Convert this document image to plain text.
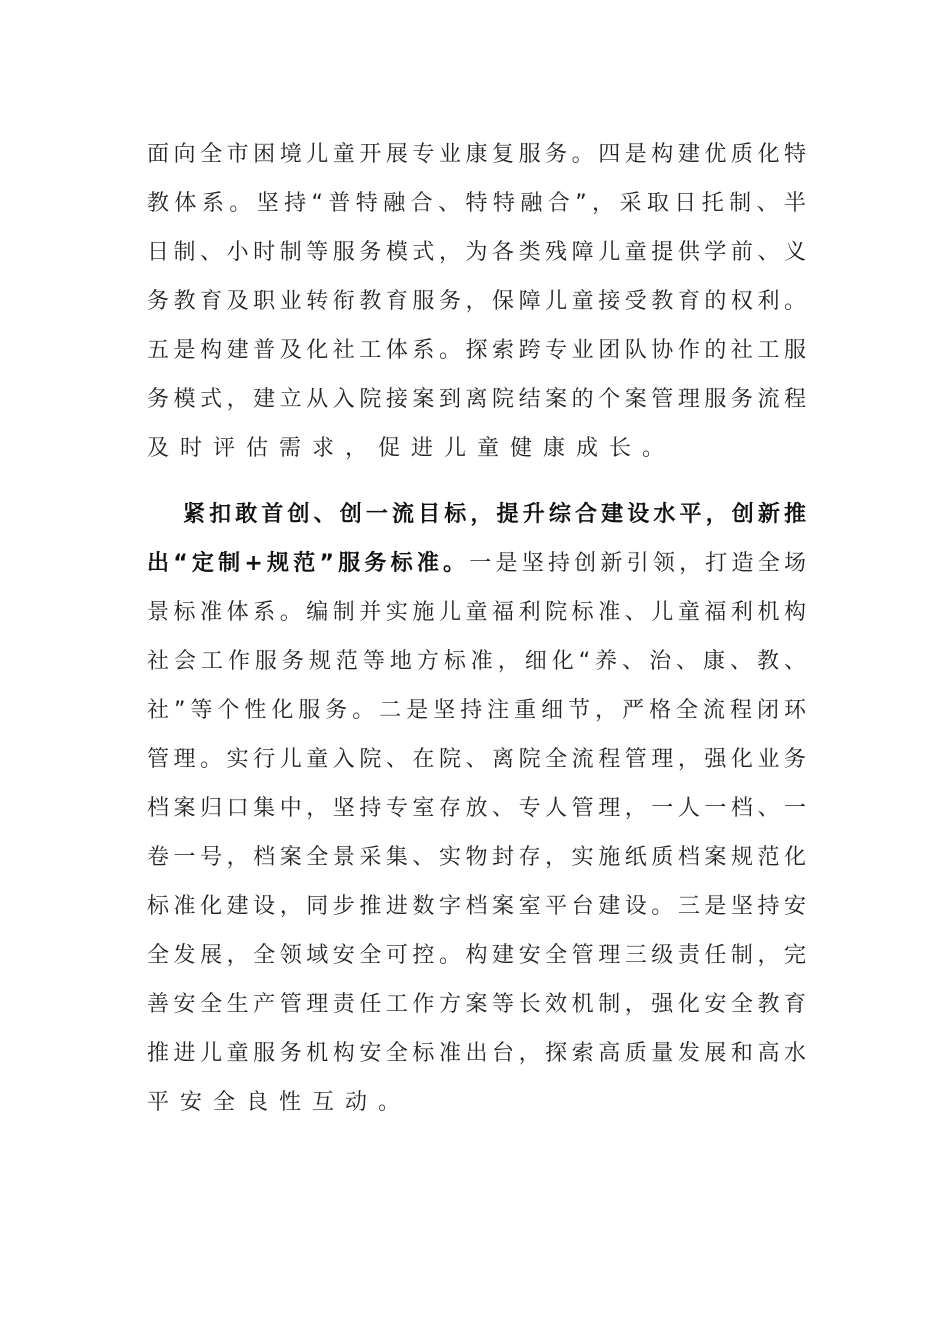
面向全市困境儿童开展专业康复服务。四是构建优质化特
教体系。坚持“普特融合、特特融合”，采取日托制、半
日制、小时制等服务模式，为各类残障儿童提供学前、义
务教育及职业转衔教育服务，保障儿童接受教育的权利。
五是构建普及化社工体系。探索跨专业团队协作的社工服
务模式，建立从入院接案到离院结案的个案管理服务流程
及时评估需求，促进儿童健康成长。
紧扣敢首创、创一流目标，提升综合建设水平，创新推
出“定制+规范”服务标准。一是坚持创新引领，打造全场
景标准体系。编制并实施儿童福利院标准、儿童福利机构
社会工作服务规范等地方标准，细化“养、治、康、教、
社”等个性化服务。二是坚持注重细节，严格全流程闭环
管理。实行儿童入院、在院、离院全流程管理，强化业务
档案归口集中，坚持专室存放、专人管理，一人一档、一
卷一号，档案全景采集、实物封存，实施纸质档案规范化
标准化建设，同步推进数字档案室平台建设。三是坚持安
全发展，全领域安全可控。构建安全管理三级责任制，完
善安全生产管理责任工作方案等长效机制，强化安全教育
推进儿童服务机构安全标准出台，探索高质量发展和高水
平安全良性互动。
